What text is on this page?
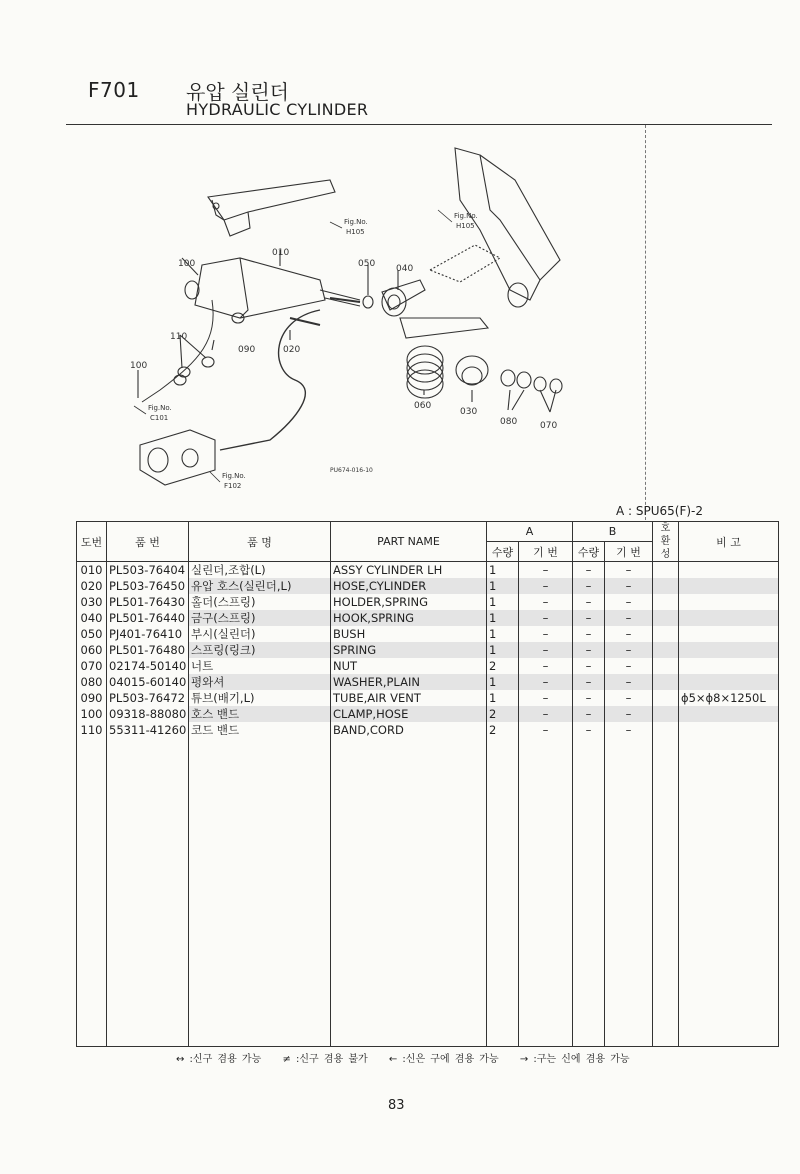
F701 유압 실린더
HYDRAULIC CYLINDER
100
010
050 040
110
090	020
100
060
030
080	070
Fig.No.
H105
Fig.No.
H105
Fig.No.
C101
Fig.No.
F102
PU674-016-10
A : SPU65(F)-2
도번	품 번	품 명	PART NAME	A		B		호환성	비 고
				수량	기 번	수량	기 번		
010	PL503-76404	실린더,조합(L)	ASSY CYLINDER LH	1	–	–	–		
020	PL503-76450	유압 호스(실린더,L)	HOSE,CYLINDER	1	–	–	–		
030	PL501-76430	홀더(스프링)	HOLDER,SPRING	1	–	–	–		
040	PL501-76440	금구(스프링)	HOOK,SPRING	1	–	–	–		
050	PJ401-76410	부시(실린더)	BUSH	1	–	–	–		
060	PL501-76480	스프링(링크)	SPRING	1	–	–	–		
070	02174-50140	너트	NUT	2	–	–	–		
080	04015-60140	평와셔	WASHER,PLAIN	1	–	–	–		
090	PL503-76472	튜브(배기,L)	TUBE,AIR VENT	1	–	–	–		ϕ5×ϕ8×1250L
100	09318-88080	호스 밴드	CLAMP,HOSE	2	–	–	–		
110	55311-41260	코드 밴드	BAND,CORD	2	–	–	–		

↔ :신구 겸용 가능 ≠ :신구 겸용 불가 ← :신은 구에 겸용 가능 → :구는 신에 겸용 가능
83
